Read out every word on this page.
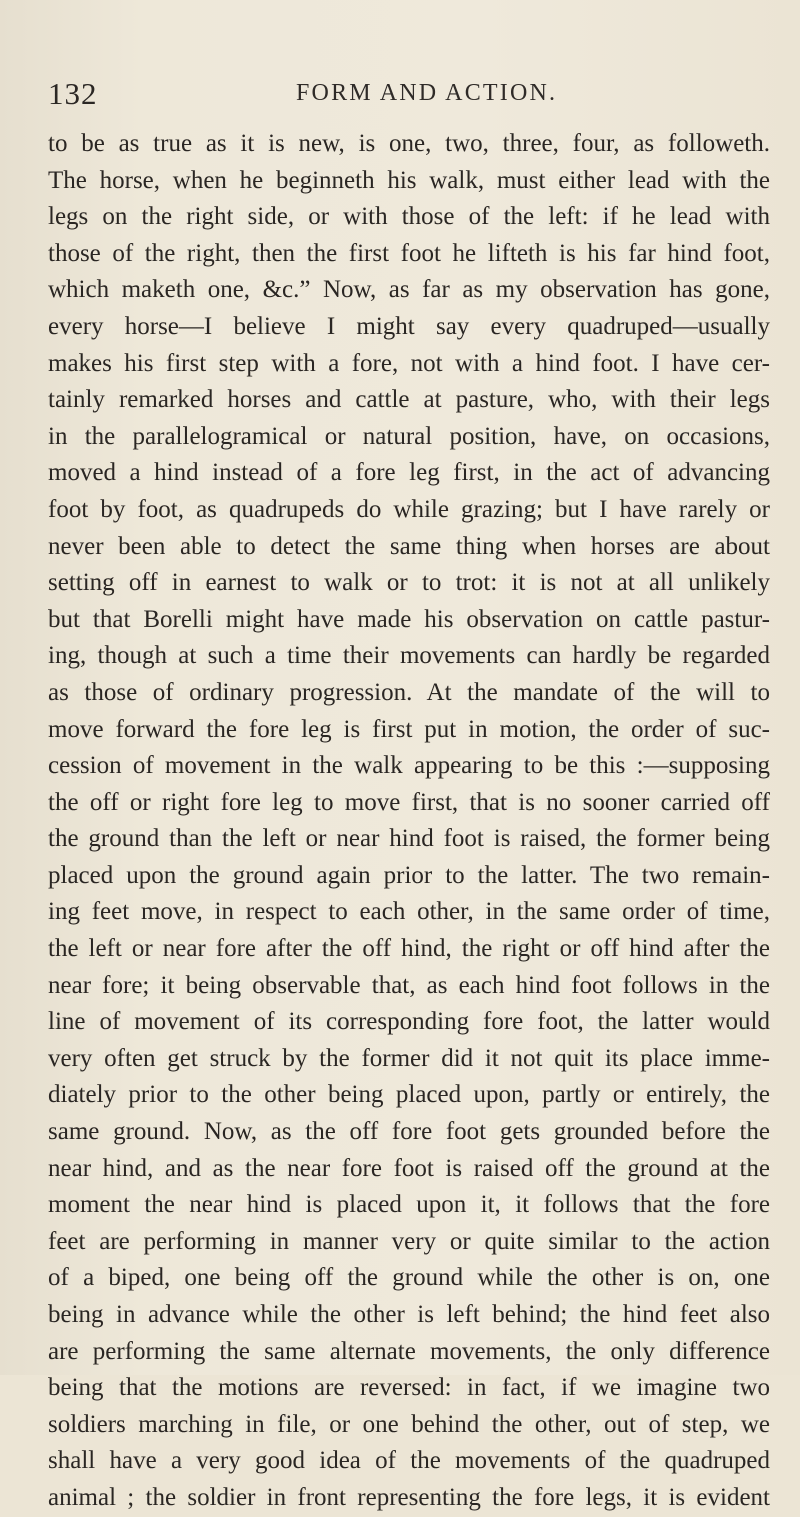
132	FORM AND ACTION.
to be as true as it is new, is one, two, three, four, as followeth.
The horse, when he beginneth his walk, must either lead with the
legs on the right side, or with those of the left: if he lead with
those of the right, then the first foot he lifteth is his far hind foot,
which maketh one, &c.” Now, as far as my observation has gone,
every horse—I believe I might say every quadruped—usually
makes his first step with a fore, not with a hind foot. I have cer-
tainly remarked horses and cattle at pasture, who, with their legs
in the parallelogramical or natural position, have, on occasions,
moved a hind instead of a fore leg first, in the act of advancing
foot by foot, as quadrupeds do while grazing; but I have rarely or
never been able to detect the same thing when horses are about
setting off in earnest to walk or to trot: it is not at all unlikely
but that Borelli might have made his observation on cattle pastur-
ing, though at such a time their movements can hardly be regarded
as those of ordinary progression. At the mandate of the will to
move forward the fore leg is first put in motion, the order of suc-
cession of movement in the walk appearing to be this :—supposing
the off or right fore leg to move first, that is no sooner carried off
the ground than the left or near hind foot is raised, the former being
placed upon the ground again prior to the latter. The two remain-
ing feet move, in respect to each other, in the same order of time,
the left or near fore after the off hind, the right or off hind after the
near fore; it being observable that, as each hind foot follows in the
line of movement of its corresponding fore foot, the latter would
very often get struck by the former did it not quit its place imme-
diately prior to the other being placed upon, partly or entirely, the
same ground. Now, as the off fore foot gets grounded before the
near hind, and as the near fore foot is raised off the ground at the
moment the near hind is placed upon it, it follows that the fore
feet are performing in manner very or quite similar to the action
of a biped, one being off the ground while the other is on, one
being in advance while the other is left behind; the hind feet also
are performing the same alternate movements, the only difference
being that the motions are reversed: in fact, if we imagine two
soldiers marching in file, or one behind the other, out of step, we
shall have a very good idea of the movements of the quadruped
animal ; the soldier in front representing the fore legs, it is evident
